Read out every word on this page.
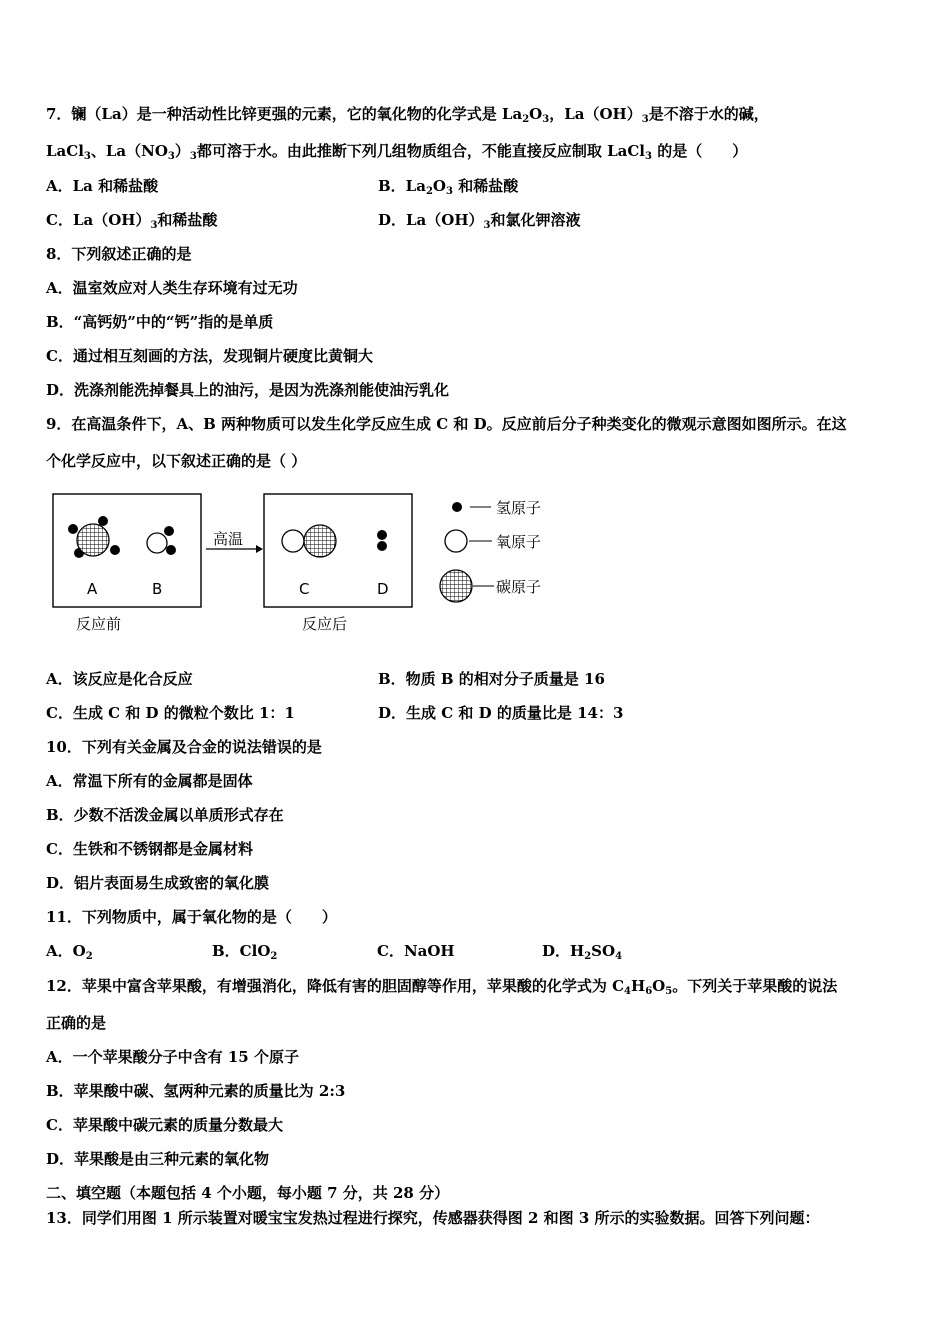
7．镧（La）是一种活动性比锌更强的元素，它的氧化物的化学式是 $La_2O_3$，$La(OH)_3$是不溶于水的碱，
LaCl$_3$、$La(NO_3)_3$都可溶于水。由此推断下列几组物质组合，不能直接反应制取 LaCl$_3$ 的是（　　）
A．La 和稀盐酸	B．$La_2O_3$ 和稀盐酸
C．$La(OH)_3$和稀盐酸	D．$La(OH)_3$和氯化钾溶液
8．下列叙述正确的是
A．温室效应对人类生存环境有过无功
B．“高钙奶”中的“钙”指的是单质
C．通过相互刻画的方法，发现铜片硬度比黄铜大
D．洗涤剂能洗掉餐具上的油污，是因为洗涤剂能使油污乳化
9．在高温条件下，A、B 两种物质可以发生化学反应生成 C 和 D。反应前后分子种类变化的微观示意图如图所示。在这
个化学反应中，以下叙述正确的是（ ）
A	B
反应前
高温
C	D
反应后
氢原子
氧原子
碳原子
A．该反应是化合反应	B．物质 B 的相对分子质量是 16
C．生成 C 和 D 的微粒个数比 1：1	D．生成 C 和 D 的质量比是 14：3
10．下列有关金属及合金的说法错误的是
A．常温下所有的金属都是固体
B．少数不活泼金属以单质形式存在
C．生铁和不锈钢都是金属材料
D．铝片表面易生成致密的氧化膜
11．下列物质中，属于氧化物的是（　　）
A．$O_2$	B．ClO$_2$	C．NaOH	D．$H_2SO_4$
12．苹果中富含苹果酸，有增强消化，降低有害的胆固醇等作用，苹果酸的化学式为 $C_4H_6O_5$。下列关于苹果酸的说法
正确的是
A．一个苹果酸分子中含有 15 个原子
B．苹果酸中碳、氢两种元素的质量比为 2:3
C．苹果酸中碳元素的质量分数最大
D．苹果酸是由三种元素的氧化物
二、填空题（本题包括 4 个小题，每小题 7 分，共 28 分）
13．同学们用图 1 所示装置对暖宝宝发热过程进行探究，传感器获得图 2 和图 3 所示的实验数据。回答下列问题：
